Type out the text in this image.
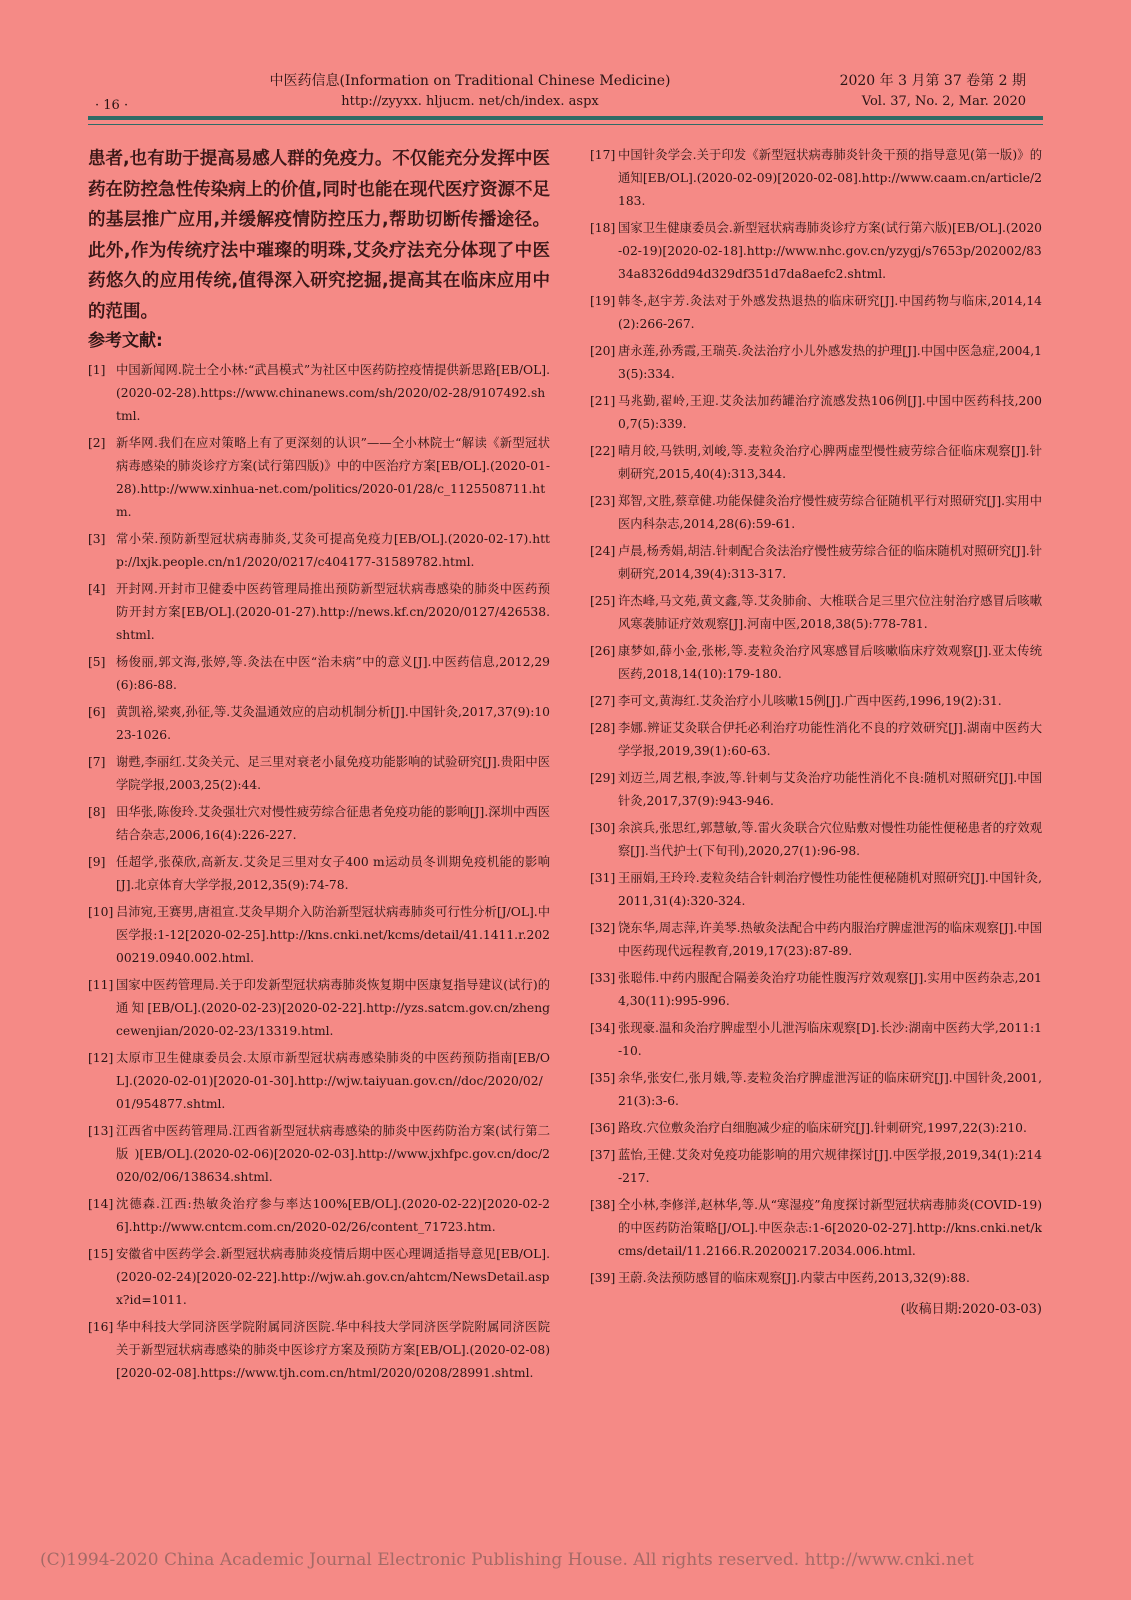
· 16 ·
中医药信息(Information on Traditional Chinese Medicine)
http://zyyxx. hljucm. net/ch/index. aspx
2020 年 3 月第 37 卷第 2 期
Vol. 37, No. 2, Mar. 2020

患者,也有助于提高易感人群的免疫力。不仅能充分发挥中医药在防控急性传染病上的价值,同时也能在现代医疗资源不足的基层推广应用,并缓解疫情防控压力,帮助切断传播途径。此外,作为传统疗法中璀璨的明珠,艾灸疗法充分体现了中医药悠久的应用传统,值得深入研究挖掘,提高其在临床应用中的范围。

参考文献:

[1] 中国新闻网.院士仝小林:“武昌模式”为社区中医药防控疫情提供新思路[EB/OL].(2020-02-28).https://www.chinanews.com/sh/2020/02-28/9107492.shtml.
[2] 新华网.我们在应对策略上有了更深刻的认识”——仝小林院士“解读《新型冠状病毒感染的肺炎诊疗方案(试行第四版)》中的中医治疗方案[EB/OL].(2020-01-28).http://www.xinhua-net.com/politics/2020-01/28/c_1125508711.htm.
[3] 常小荣.预防新型冠状病毒肺炎,艾灸可提高免疫力[EB/OL].(2020-02-17).http://lxjk.people.cn/n1/2020/0217/c404177-31589782.html.
[4] 开封网.开封市卫健委中医药管理局推出预防新型冠状病毒感染的肺炎中医药预防开封方案[EB/OL].(2020-01-27).http://news.kf.cn/2020/0127/426538.shtml.
[5] 杨俊丽,郭文海,张婷,等.灸法在中医“治未病”中的意义[J].中医药信息,2012,29(6):86-88.
[6] 黄凯裕,梁爽,孙征,等.艾灸温通效应的启动机制分析[J].中国针灸,2017,37(9):1023-1026.
[7] 谢甦,李丽红.艾灸关元、足三里对衰老小鼠免疫功能影响的试验研究[J].贵阳中医学院学报,2003,25(2):44.
[8] 田华张,陈俊玲.艾灸强壮穴对慢性疲劳综合征患者免疫功能的影响[J].深圳中西医结合杂志,2006,16(4):226-227.
[9] 任超学,张葆欣,高新友.艾灸足三里对女子400 m运动员冬训期免疫机能的影响[J].北京体育大学学报,2012,35(9):74-78.
[10] 吕沛宛,王赛男,唐祖宣.艾灸早期介入防治新型冠状病毒肺炎可行性分析[J/OL].中医学报:1-12[2020-02-25].http://kns.cnki.net/kcms/detail/41.1411.r.20200219.0940.002.html.
[11] 国家中医药管理局.关于印发新型冠状病毒肺炎恢复期中医康复指导建议(试行)的通知[EB/OL].(2020-02-23)[2020-02-22].http://yzs.satcm.gov.cn/zhengcewenjian/2020-02-23/13319.html.
[12] 太原市卫生健康委员会.太原市新型冠状病毒感染肺炎的中医药预防指南[EB/OL].(2020-02-01)[2020-01-30].http://wjw.taiyuan.gov.cn//doc/2020/02/01/954877.shtml.
[13] 江西省中医药管理局.江西省新型冠状病毒感染的肺炎中医药防治方案(试行第二版)[EB/OL].(2020-02-06)[2020-02-03].http://www.jxhfpc.gov.cn/doc/2020/02/06/138634.shtml.
[14] 沈德森.江西:热敏灸治疗参与率达100%[EB/OL].(2020-02-22)[2020-02-26].http://www.cntcm.com.cn/2020-02/26/content_71723.htm.
[15] 安徽省中医药学会.新型冠状病毒肺炎疫情后期中医心理调适指导意见[EB/OL].(2020-02-24)[2020-02-22].http://wjw.ah.gov.cn/ahtcm/NewsDetail.aspx?id=1011.
[16] 华中科技大学同济医学院附属同济医院.华中科技大学同济医学院附属同济医院关于新型冠状病毒感染的肺炎中医诊疗方案及预防方案[EB/OL].(2020-02-08)[2020-02-08].https://www.tjh.com.cn/html/2020/0208/28991.shtml.
[17] 中国针灸学会.关于印发《新型冠状病毒肺炎针灸干预的指导意见(第一版)》的通知[EB/OL].(2020-02-09)[2020-02-08].http://www.caam.cn/article/2183.
[18] 国家卫生健康委员会.新型冠状病毒肺炎诊疗方案(试行第六版)[EB/OL].(2020-02-19)[2020-02-18].http://www.nhc.gov.cn/yzygj/s7653p/202002/8334a8326dd94d329df351d7da8aefc2.shtml.
[19] 韩冬,赵宇芳.灸法对于外感发热退热的临床研究[J].中国药物与临床,2014,14(2):266-267.
[20] 唐永莲,孙秀霞,王瑞英.灸法治疗小儿外感发热的护理[J].中国中医急症,2004,13(5):334.
[21] 马兆勤,翟岭,王迎.艾灸法加药罐治疗流感发热106例[J].中国中医药科技,2000,7(5):339.
[22] 晴月皎,马铁明,刘峻,等.麦粒灸治疗心脾两虚型慢性疲劳综合征临床观察[J].针刺研究,2015,40(4):313,344.
[23] 郑智,文胜,蔡章健.功能保健灸治疗慢性疲劳综合征随机平行对照研究[J].实用中医内科杂志,2014,28(6):59-61.
[24] 卢晨,杨秀娟,胡洁.针刺配合灸法治疗慢性疲劳综合征的临床随机对照研究[J].针刺研究,2014,39(4):313-317.
[25] 许杰峰,马文苑,黄文鑫,等.艾灸肺俞、大椎联合足三里穴位注射治疗感冒后咳嗽风寒袭肺证疗效观察[J].河南中医,2018,38(5):778-781.
[26] 康梦如,薛小金,张彬,等.麦粒灸治疗风寒感冒后咳嗽临床疗效观察[J].亚太传统医药,2018,14(10):179-180.
[27] 李可文,黄海红.艾灸治疗小儿咳嗽15例[J].广西中医药,1996,19(2):31.
[28] 李娜.辨证艾灸联合伊托必利治疗功能性消化不良的疗效研究[J].湖南中医药大学学报,2019,39(1):60-63.
[29] 刘迈兰,周艺根,李波,等.针刺与艾灸治疗功能性消化不良:随机对照研究[J].中国针灸,2017,37(9):943-946.
[30] 余滨兵,张思红,郭慧敏,等.雷火灸联合穴位贴敷对慢性功能性便秘患者的疗效观察[J].当代护士(下旬刊),2020,27(1):96-98.
[31] 王丽娟,王玲玲.麦粒灸结合针刺治疗慢性功能性便秘随机对照研究[J].中国针灸,2011,31(4):320-324.
[32] 饶东华,周志萍,许美琴.热敏灸法配合中药内服治疗脾虚泄泻的临床观察[J].中国中医药现代远程教育,2019,17(23):87-89.
[33] 张聪伟.中药内服配合隔姜灸治疗功能性腹泻疗效观察[J].实用中医药杂志,2014,30(11):995-996.
[34] 张现豪.温和灸治疗脾虚型小儿泄泻临床观察[D].长沙:湖南中医药大学,2011:1-10.
[35] 余华,张安仁,张月娥,等.麦粒灸治疗脾虚泄泻证的临床研究[J].中国针灸,2001,21(3):3-6.
[36] 路玫.穴位敷灸治疗白细胞减少症的临床研究[J].针刺研究,1997,22(3):210.
[37] 蓝怡,王健.艾灸对免疫功能影响的用穴规律探讨[J].中医学报,2019,34(1):214-217.
[38] 仝小林,李修洋,赵林华,等.从“寒湿疫”角度探讨新型冠状病毒肺炎(COVID-19)的中医药防治策略[J/OL].中医杂志:1-6[2020-02-27].http://kns.cnki.net/kcms/detail/11.2166.R.20200217.2034.006.html.
[39] 王蔚.灸法预防感冒的临床观察[J].内蒙古中医药,2013,32(9):88.
(收稿日期:2020-03-03)
(C)1994-2020 China Academic Journal Electronic Publishing House. All rights reserved. http://www.cnki.net
